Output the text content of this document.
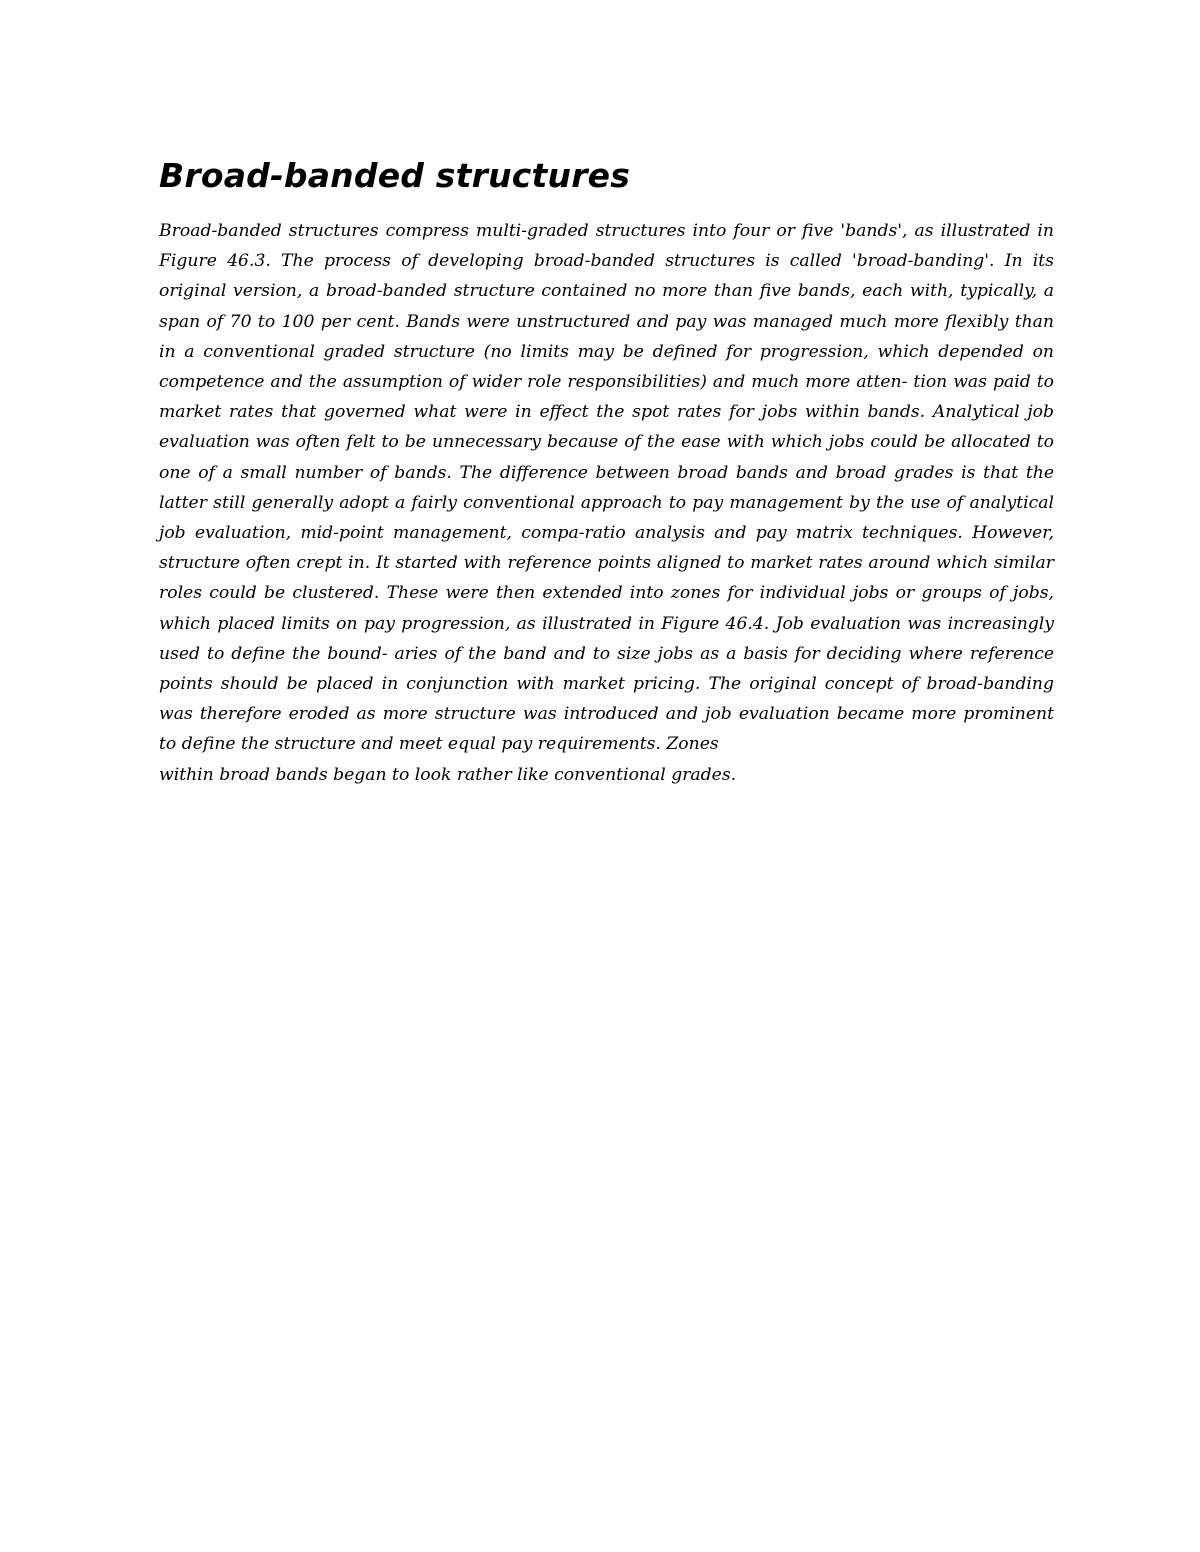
Broad-banded structures

Broad-banded structures compress multi-graded structures into four or five 'bands', as illustrated in Figure 46.3. The process of developing broad-banded structures is called 'broad-banding'. In its original version, a broad-banded structure contained no more than five bands, each with, typically, a span of 70 to 100 per cent. Bands were unstructured and pay was managed much more flexibly than in a conventional graded structure (no limits may be defined for progression, which depended on competence and the assumption of wider role responsibilities) and much more atten- tion was paid to market rates that governed what were in effect the spot rates for jobs within bands. Analytical job evaluation was often felt to be unnecessary because of the ease with which jobs could be allocated to one of a small number of bands. The difference between broad bands and broad grades is that the latter still generally adopt a fairly conventional approach to pay management by the use of analytical job evaluation, mid-point management, compa-ratio analysis and pay matrix techniques. However, structure often crept in. It started with reference points aligned to market rates around which similar roles could be clustered. These were then extended into zones for individual jobs or groups of jobs, which placed limits on pay progression, as illustrated in Figure 46.4. Job evaluation was increasingly used to define the bound- aries of the band and to size jobs as a basis for deciding where reference points should be placed in conjunction with market pricing. The original concept of broad-banding was therefore eroded as more structure was introduced and job evaluation became more prominent to define the structure and meet equal pay requirements. Zones

within broad bands began to look rather like conventional grades.
